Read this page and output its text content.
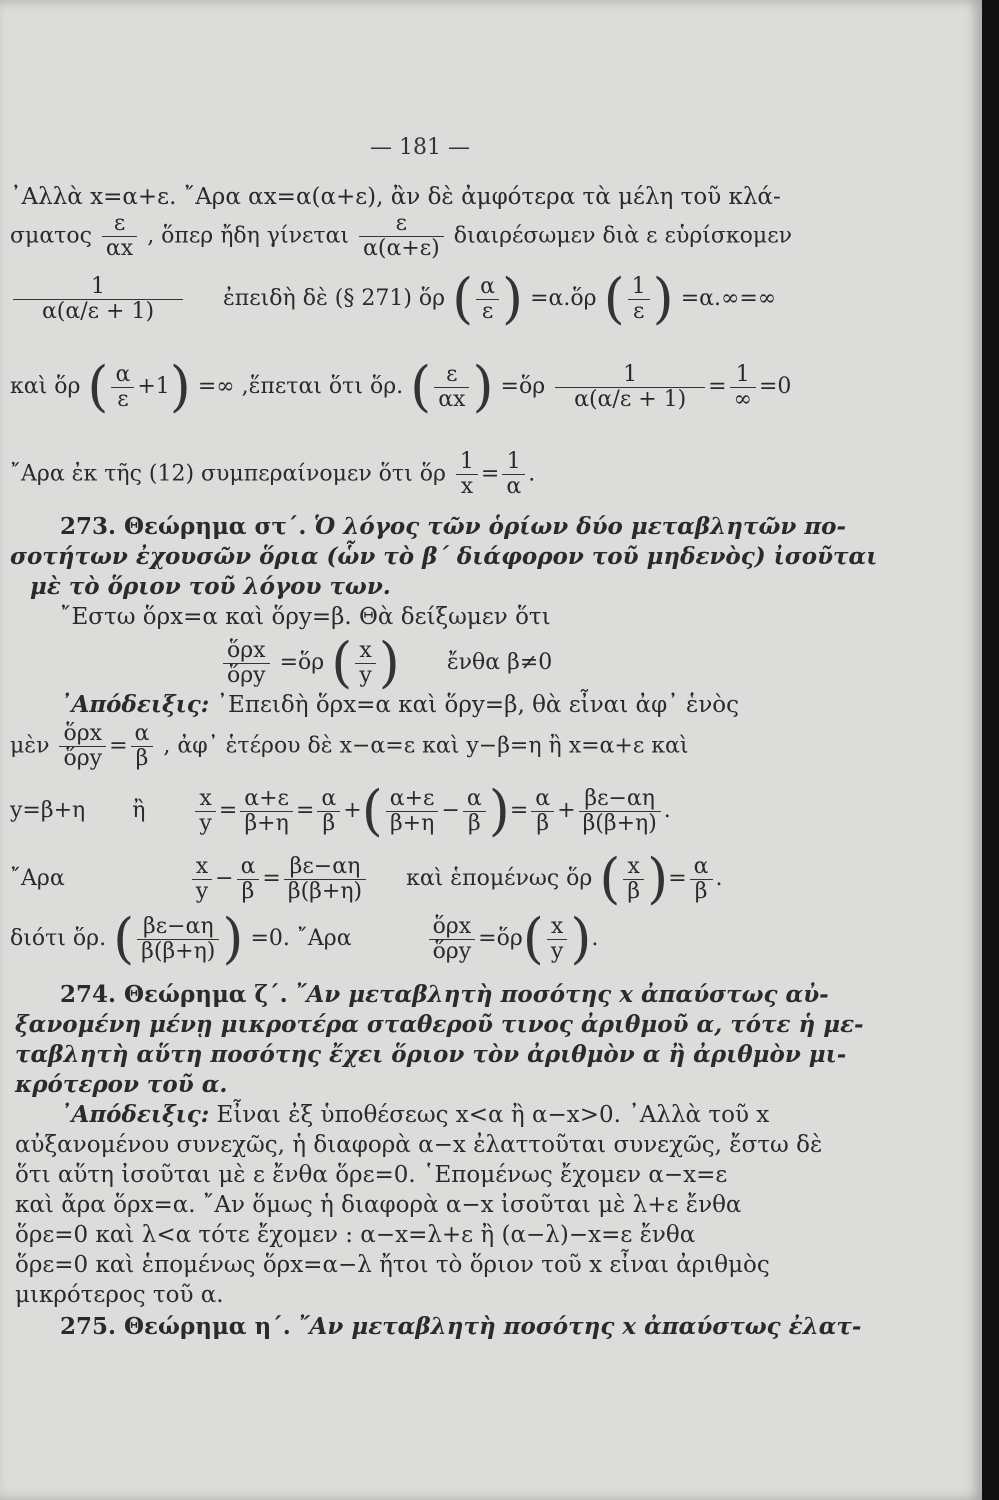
— 181 —
᾿Αλλὰ x=α+ε. ῎Αρα αx=α(α+ε), ἂν δὲ ἀμφότερα τὰ μέλη τοῦ κλά-
σματος $\frac{\varepsilon}{\alpha x}$ , ὅπερ ἤδη γίνεται $\frac{\varepsilon}{\alpha(\alpha+\varepsilon)}$ διαιρέσωμεν διὰ ε εὑρίσκομεν
$\frac{1}{\alpha(\alpha/\varepsilon + 1)}$ ἐπειδὴ δὲ (§ 271) ὅρ ( $\frac{\alpha}{\varepsilon}$ ) =α.ὅρ ( $\frac{1}{\varepsilon}$ ) =α.∞=∞
καὶ ὅρ ( $\frac{\alpha}{\varepsilon} +1$) =∞ ,ἕπεται ὅτι ὅρ. ( $\frac{\varepsilon}{\alpha x}$ ) =ὅρ $\frac{1}{\alpha(\alpha/\varepsilon + 1)} = \frac{1}{\infty} =0$
῎Αρα ἐκ τῆς (12) συμπεραίνομεν ὅτι ὅρ $\frac{1}{x} = \frac{1}{\alpha}$ .
273. Θεώρημα στ΄. Ὁ λόγος τῶν ὁρίων δύο μεταβλητῶν πο-
σοτήτων ἐχουσῶν ὅρια (ὧν τὸ β΄ διάφορον τοῦ μηδενὸς) ἰσοῦται
μὲ τὸ ὅριον τοῦ λόγου των.
῎Εστω ὅρx=α καὶ ὅρy=β. Θὰ δείξωμεν ὅτι
$\frac{\text{ὅρx}}{\text{ὅρy}}$ =ὅρ ( $\frac{x}{y}$ ) ἔνθα β≠0
᾿Απόδειξις: ᾿Επειδὴ ὅρx=α καὶ ὅρy=β, θὰ εἶναι ἀφ᾿ ἑνὸς
μὲν $\frac{\text{ὅρx}}{\text{ὅρy}} = \frac{\alpha}{\beta}$ , ἀφ᾿ ἑτέρου δὲ x−α=ε καὶ y−β=η ἢ x=α+ε καὶ
y=β+η ἢ $\frac{x}{y} = \frac{\alpha+\varepsilon}{\beta+\eta} = \frac{\alpha}{\beta}$ +( $\frac{\alpha+\varepsilon}{\beta+\eta} - \frac{\alpha}{\beta}$ )= $\frac{\alpha}{\beta} + \frac{\beta\varepsilon-\alpha\eta}{\beta(\beta+\eta)}$ .
῎Αρα	$\frac{x}{y} - \frac{\alpha}{\beta} = \frac{\beta\varepsilon-\alpha\eta}{\beta(\beta+\eta)}$ καὶ ἑπομένως ὅρ ( $\frac{x}{\beta}$ )= $\frac{\alpha}{\beta}$ .
διότι ὅρ. ( $\frac{\beta\varepsilon-\alpha\eta}{\beta(\beta+\eta)}$ ) =0. ῎Αρα	$\frac{\text{ὅρx}}{\text{ὅρy}}$ =ὅρ( $\frac{x}{y}$ ).
274. Θεώρημα ζ΄. ῎Αν μεταβλητὴ ποσότης x ἀπαύστως αὐ-
ξανομένη μένῃ μικροτέρα σταθεροῦ τινος ἀριθμοῦ α, τότε ἡ με-
ταβλητὴ αὕτη ποσότης ἔχει ὅριον τὸν ἀριθμὸν α ἢ ἀριθμὸν μι-
κρότερον τοῦ α.
᾿Απόδειξις: Εἶναι ἐξ ὑποθέσεως x<α ἢ α−x>0. ᾿Αλλὰ τοῦ x
αὐξανομένου συνεχῶς, ἡ διαφορὰ α−x ἐλαττοῦται συνεχῶς, ἔστω δὲ
ὅτι αὕτη ἰσοῦται μὲ ε ἔνθα ὅρε=0. ῾Επομένως ἔχομεν α−x=ε
καὶ ἄρα ὅρx=α. ῎Αν ὅμως ἡ διαφορὰ α−x ἰσοῦται μὲ λ+ε ἔνθα
ὅρε=0 καὶ λ<α τότε ἔχομεν : α−x=λ+ε ἢ (α−λ)−x=ε ἔνθα
ὅρε=0 καὶ ἑπομένως ὅρx=α−λ ἤτοι τὸ ὅριον τοῦ x εἶναι ἀριθμὸς
μικρότερος τοῦ α.
275. Θεώρημα η΄. ῎Αν μεταβλητὴ ποσότης x ἀπαύστως ἐλατ-
